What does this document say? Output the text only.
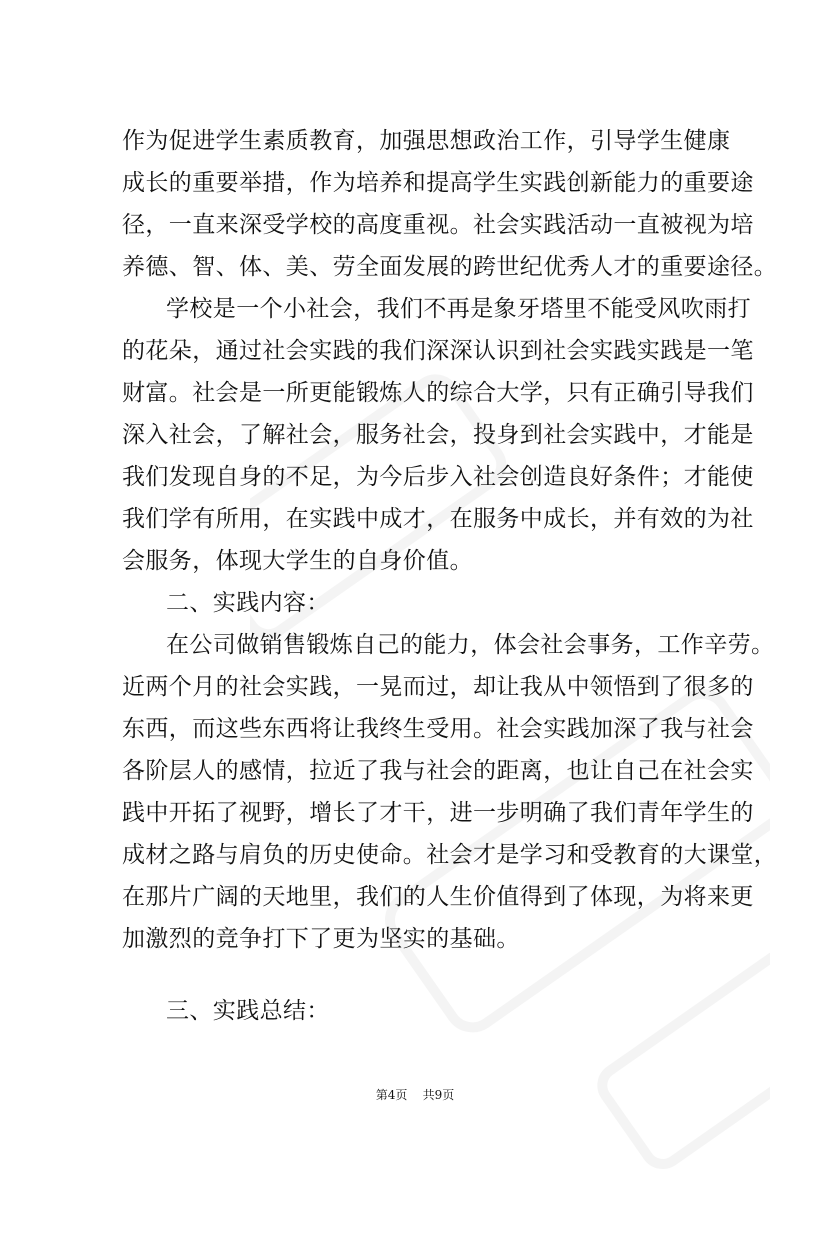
作为促进学生素质教育，加强思想政治工作，引导学生健康
成长的重要举措，作为培养和提高学生实践创新能力的重要途
径，一直来深受学校的高度重视。社会实践活动一直被视为培
养德、智、体、美、劳全面发展的跨世纪优秀人才的重要途径。
学校是一个小社会，我们不再是象牙塔里不能受风吹雨打
的花朵，通过社会实践的我们深深认识到社会实践实践是一笔
财富。社会是一所更能锻炼人的综合大学，只有正确引导我们
深入社会，了解社会，服务社会，投身到社会实践中，才能是
我们发现自身的不足，为今后步入社会创造良好条件；才能使
我们学有所用，在实践中成才，在服务中成长，并有效的为社
会服务，体现大学生的自身价值。
二、实践内容：
在公司做销售锻炼自己的能力，体会社会事务，工作辛劳。
近两个月的社会实践，一晃而过，却让我从中领悟到了很多的
东西，而这些东西将让我终生受用。社会实践加深了我与社会
各阶层人的感情，拉近了我与社会的距离，也让自己在社会实
践中开拓了视野，增长了才干，进一步明确了我们青年学生的
成材之路与肩负的历史使命。社会才是学习和受教育的大课堂，
在那片广阔的天地里，我们的人生价值得到了体现，为将来更
加激烈的竞争打下了更为坚实的基础。
三、实践总结：
第4页 共9页
